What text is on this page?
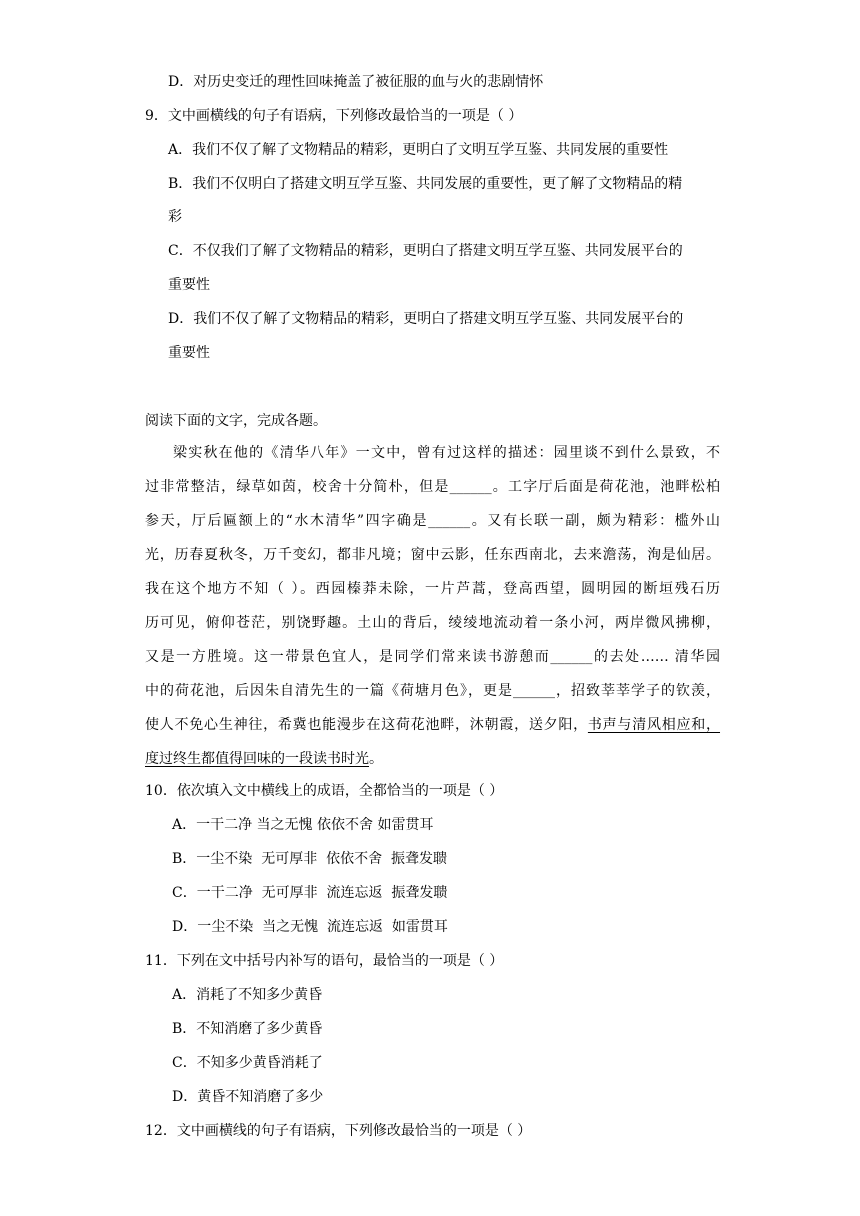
D．对历史变迁的理性回味掩盖了被征服的血与火的悲剧情怀
9．文中画横线的句子有语病，下列修改最恰当的一项是（ ）
A．我们不仅了解了文物精品的精彩，更明白了文明互学互鉴、共同发展的重要性
B．我们不仅明白了搭建文明互学互鉴、共同发展的重要性，更了解了文物精品的精
彩
C．不仅我们了解了文物精品的精彩，更明白了搭建文明互学互鉴、共同发展平台的
重要性
D．我们不仅了解了文物精品的精彩，更明白了搭建文明互学互鉴、共同发展平台的
重要性
阅读下面的文字，完成各题。

梁实秋在他的《清华八年》一文中，曾有过这样的描述：园里谈不到什么景致，不

过非常整洁，绿草如茵，校舍十分简朴，但是______。工字厅后面是荷花池，池畔松柏

参天，厅后匾额上的“水木清华”四字确是______。又有长联一副，颇为精彩：槛外山

光，历春夏秋冬，万千变幻，都非凡境；窗中云影，任东西南北，去来澹荡，洵是仙居。

我在这个地方不知（ ）。西园榛莽未除，一片芦蒿，登高西望，圆明园的断垣残石历

历可见，俯仰苍茫，别饶野趣。土山的背后，绫绫地流动着一条小河，两岸微风拂柳，

又是一方胜境。这一带景色宜人，是同学们常来读书游憩而______的去处…… 清华园

中的荷花池，后因朱自清先生的一篇《荷塘月色》，更是______，招致莘莘学子的钦羡，

使人不免心生神往，希冀也能漫步在这荷花池畔，沐朝霞，送夕阳，书声与清风相应和，

度过终生都值得回味的一段读书时光。

10．依次填入文中横线上的成语，全都恰当的一项是（ ）
A．一干二净 当之无愧 依依不舍 如雷贯耳
B．一尘不染  无可厚非  依依不舍  振聋发聩
C．一干二净  无可厚非  流连忘返  振聋发聩
D．一尘不染  当之无愧  流连忘返  如雷贯耳
11．下列在文中括号内补写的语句，最恰当的一项是（ ）
A．消耗了不知多少黄昏
B．不知消磨了多少黄昏
C．不知多少黄昏消耗了
D．黄昏不知消磨了多少
12．文中画横线的句子有语病，下列修改最恰当的一项是（ ）
